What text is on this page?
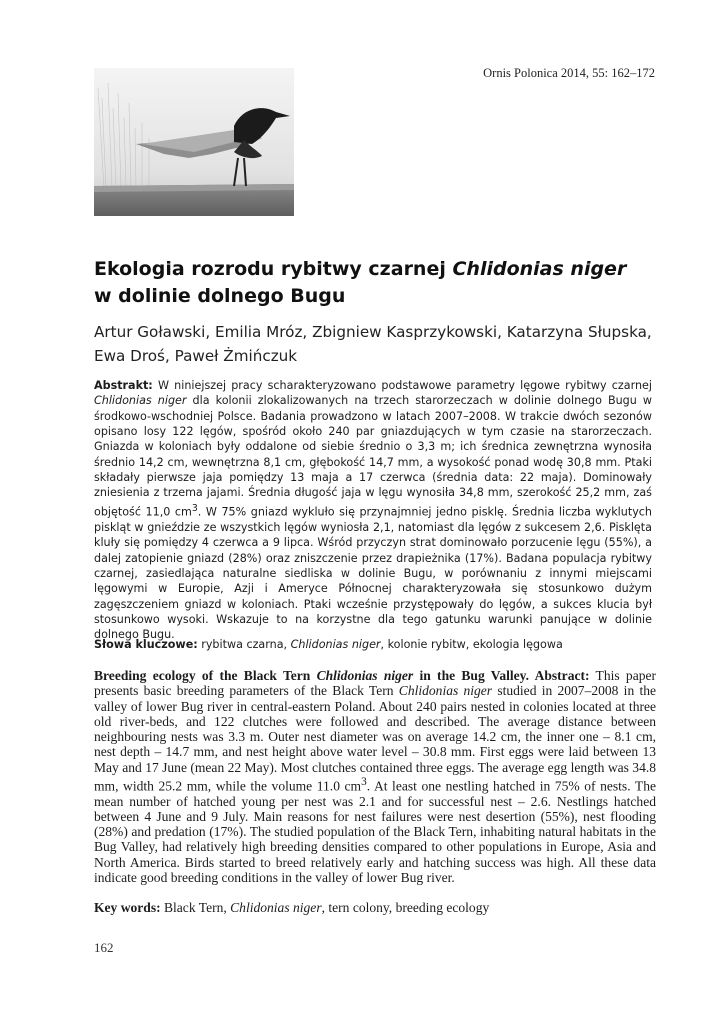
Ornis Polonica 2014, 55: 162–172
Ekologia rozrodu rybitwy czarnej Chlidonias niger
w dolinie dolnego Bugu

Artur Goławski, Emilia Mróz, Zbigniew Kasprzykowski, Katarzyna Słupska, Ewa Droś, Paweł Żmińczuk

Abstrakt: W niniejszej pracy scharakteryzowano podstawowe parametry lęgowe rybitwy czarnej Chlidonias niger dla kolonii zlokalizowanych na trzech starorzeczach w dolinie dolnego Bugu w środkowo-wschodniej Polsce. Badania prowadzono w latach 2007–2008. W trakcie dwóch sezonów opisano losy 122 lęgów, spośród około 240 par gniazdujących w tym czasie na starorzeczach. Gniazda w koloniach były oddalone od siebie średnio o 3,3 m; ich średnica zewnętrzna wynosiła średnio 14,2 cm, wewnętrzna 8,1 cm, głębokość 14,7 mm, a wysokość ponad wodę 30,8 mm. Ptaki składały pierwsze jaja pomiędzy 13 maja a 17 czerwca (średnia data: 22 maja). Dominowały zniesienia z trzema jajami. Średnia długość jaja w lęgu wynosiła 34,8 mm, szerokość 25,2 mm, zaś objętość 11,0 $cm^3$. W 75% gniazd wykluło się przynajmniej jedno pisklę. Średnia liczba wyklutych piskląt w gnieździe ze wszystkich lęgów wyniosła 2,1, natomiast dla lęgów z sukcesem 2,6. Pisklęta kluły się pomiędzy 4 czerwca a 9 lipca. Wśród przyczyn strat dominowało porzucenie lęgu (55%), a dalej zatopienie gniazd (28%) oraz zniszczenie przez drapieżnika (17%). Badana populacja rybitwy czarnej, zasiedlająca naturalne siedliska w dolinie Bugu, w porównaniu z innymi miejscami lęgowymi w Europie, Azji i Ameryce Północnej charakteryzowała się stosunkowo dużym zagęszczeniem gniazd w koloniach. Ptaki wcześnie przystępowały do lęgów, a sukces klucia był stosunkowo wysoki. Wskazuje to na korzystne dla tego gatunku warunki panujące w dolinie dolnego Bugu.

Słowa kluczowe: rybitwa czarna, Chlidonias niger, kolonie rybitw, ekologia lęgowa

Breeding ecology of the Black Tern Chlidonias niger in the Bug Valley. Abstract: This paper presents basic breeding parameters of the Black Tern Chlidonias niger studied in 2007–2008 in the valley of lower Bug river in central-eastern Poland. About 240 pairs nested in colonies located at three old river-beds, and 122 clutches were followed and described. The average distance between neighbouring nests was 3.3 m. Outer nest diameter was on average 14.2 cm, the inner one – 8.1 cm, nest depth – 14.7 mm, and nest height above water level – 30.8 mm. First eggs were laid between 13 May and 17 June (mean 22 May). Most clutches contained three eggs. The average egg length was 34.8 mm, width 25.2 mm, while the volume 11.0 $cm^3$. At least one nestling hatched in 75% of nests. The mean number of hatched young per nest was 2.1 and for successful nest – 2.6. Nestlings hatched between 4 June and 9 July. Main reasons for nest failures were nest desertion (55%), nest flooding (28%) and predation (17%). The studied population of the Black Tern, inhabiting natural habitats in the Bug Valley, had relatively high breeding densities compared to other populations in Europe, Asia and North America. Birds started to breed relatively early and hatching success was high. All these data indicate good breeding conditions in the valley of lower Bug river.

Key words: Black Tern, Chlidonias niger, tern colony, breeding ecology

162
